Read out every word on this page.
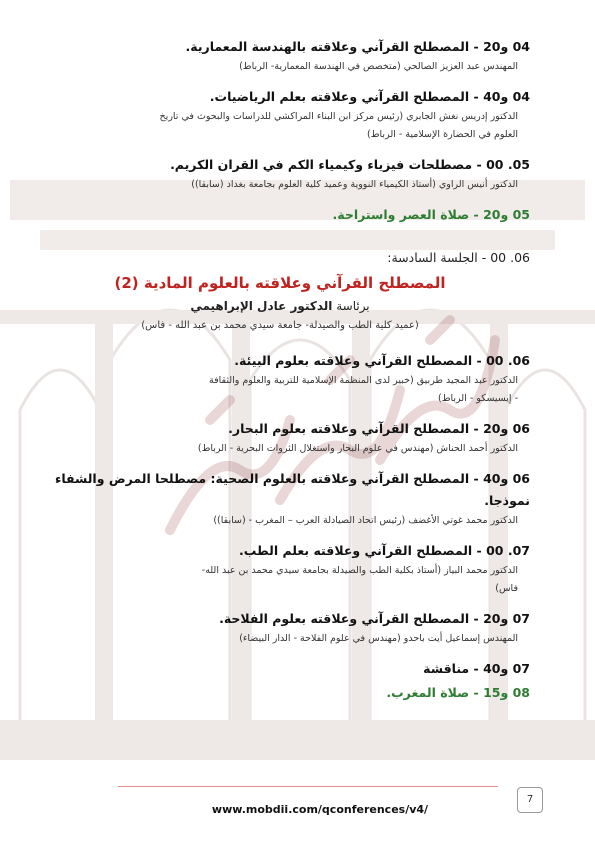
04 و20 - المصطلح القرآني وعلاقته بالهندسة المعمارية.
المهندس عبد العزيز الصالحي (متخصص في الهندسة المعمارية- الرباط)
04 و40 - المصطلح القرآني وعلاقته بعلم الرياضيات.
الدكتور إدريس نغش الجابري (رئيس مركز ابن البناء المراكشي للدراسات والبحوث في تاريخ
العلوم في الحضارة الإسلامية - الرباط)
05. 00 - مصطلحات فيزياء وكيمياء الكم في القران الكريم.
الدكتور أنيس الراوي (أستاذ الكيمياء النووية وعميد كلية العلوم بجامعة بغداد (سابقا))
05 و20 - صلاة العصر واستراحة.
06. 00 - الجلسة السادسة:
المصطلح القرآني وعلاقته بالعلوم المادية (2)
برئاسة الدكتور عادل الإبراهيمي
(عميد كلية الطب والصيدلة- جامعة سيدي محمد بن عبد الله - فاس)
06. 00 - المصطلح القرآني وعلاقته بعلوم البيئة.
الدكتور عبد المجيد طربيق (خبير لدى المنظمة الإسلامية للتربية والعلوم والثقافة
- إيسيسكو - الرباط)
06 و20 - المصطلح القرآني وعلاقته بعلوم البحار.
الدكتور أحمد الحناش (مهندس في علوم البحار واستغلال الثروات البحرية - الرباط)
06 و40 - المصطلح القرآني وعلاقته بالعلوم الصحية: مصطلحا المرض والشفاء
نموذجا.
الدكتور محمد غوتي الأغضف (رئيس اتحاد الصيادلة العرب – المغرب - (سابقا))
07. 00 - المصطلح القرآني وعلاقته بعلم الطب.
الدكتور محمد البياز (أستاذ بكلية الطب والصيدلة بجامعة سيدي محمد بن عبد الله-
فاس)
07 و20 - المصطلح القرآني وعلاقته بعلوم الفلاحة.
المهندس إسماعيل أيت باحدو (مهندس في علوم الفلاحة - الدار البيضاء)
07 و40 - مناقشة
08 و15 - صلاة المغرب.
www.mobdii.com/qconferences/v4/
7
